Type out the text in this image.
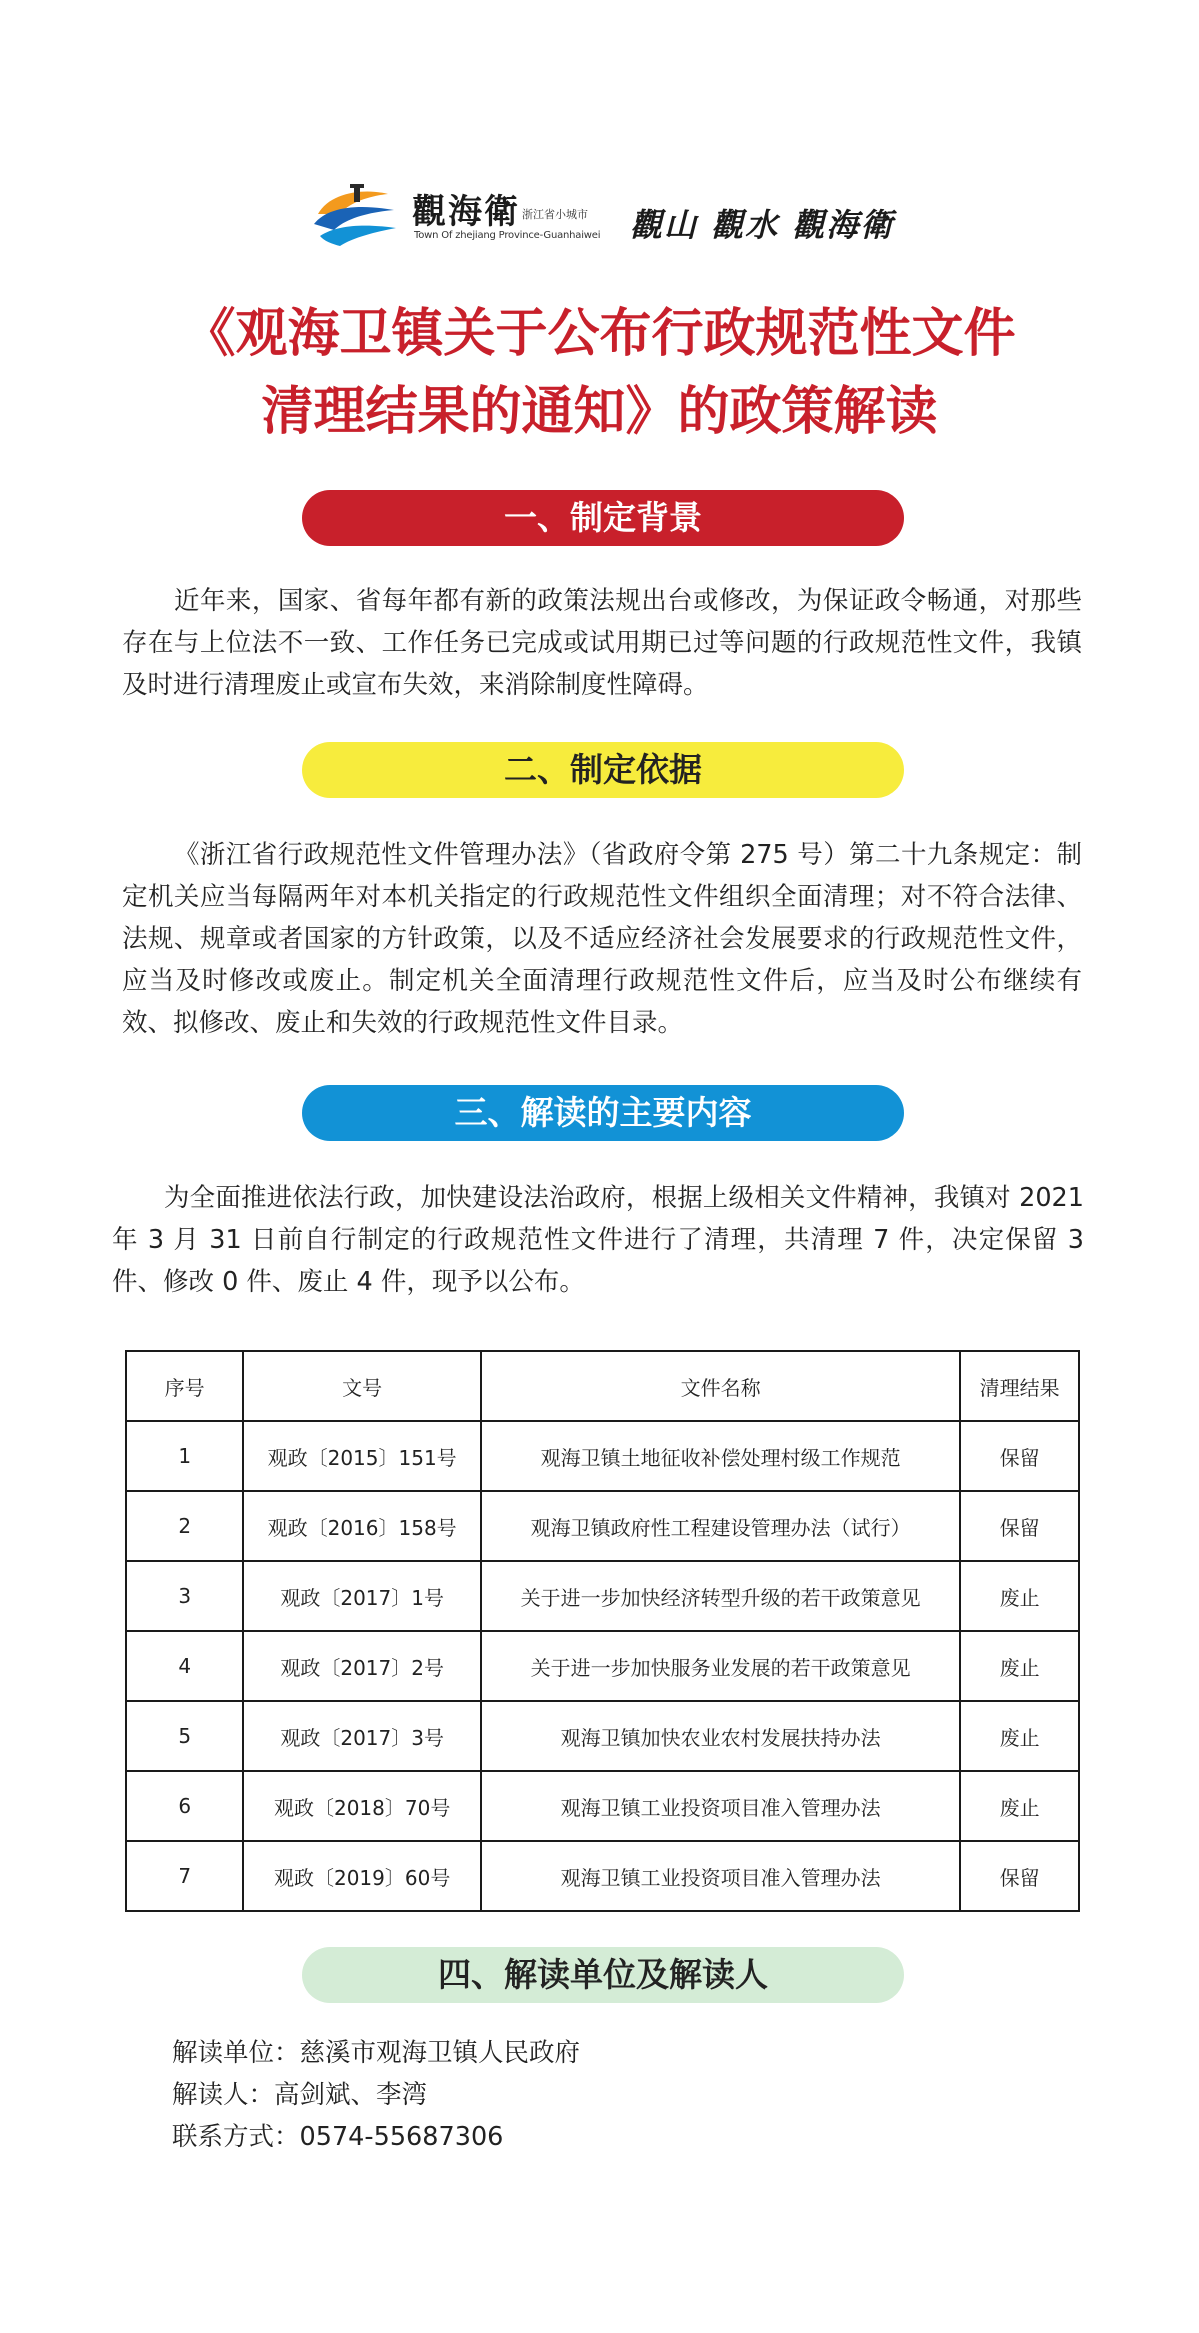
觀海衛 浙江省小城市
Town Of zhejiang Province-Guanhaiwei 觀山 觀水 觀海衛
《观海卫镇关于公布行政规范性文件
清理结果的通知》的政策解读
一、制定背景
近年来，国家、省每年都有新的政策法规出台或修改，为保证政令畅通，对那些存在与上位法不一致、工作任务已完成或试用期已过等问题的行政规范性文件，我镇及时进行清理废止或宣布失效，来消除制度性障碍。
二、制定依据
《浙江省行政规范性文件管理办法》（省政府令第 275 号）第二十九条规定：制定机关应当每隔两年对本机关指定的行政规范性文件组织全面清理；对不符合法律、法规、规章或者国家的方针政策，以及不适应经济社会发展要求的行政规范性文件，应当及时修改或废止。制定机关全面清理行政规范性文件后，应当及时公布继续有效、拟修改、废止和失效的行政规范性文件目录。
三、解读的主要内容
为全面推进依法行政，加快建设法治政府，根据上级相关文件精神，我镇对 2021 年 3 月 31 日前自行制定的行政规范性文件进行了清理，共清理 7 件，决定保留 3 件、修改 0 件、废止 4 件，现予以公布。
序号	文号	文件名称	清理结果
1	观政〔2015〕151号	观海卫镇土地征收补偿处理村级工作规范	保留
2	观政〔2016〕158号	观海卫镇政府性工程建设管理办法（试行）	保留
3	观政〔2017〕1号	关于进一步加快经济转型升级的若干政策意见	废止
4	观政〔2017〕2号	关于进一步加快服务业发展的若干政策意见	废止
5	观政〔2017〕3号	观海卫镇加快农业农村发展扶持办法	废止
6	观政〔2018〕70号	观海卫镇工业投资项目准入管理办法	废止
7	观政〔2019〕60号	观海卫镇工业投资项目准入管理办法	保留
四、解读单位及解读人
解读单位：慈溪市观海卫镇人民政府
解读人：高剑斌、李湾
联系方式：0574-55687306
